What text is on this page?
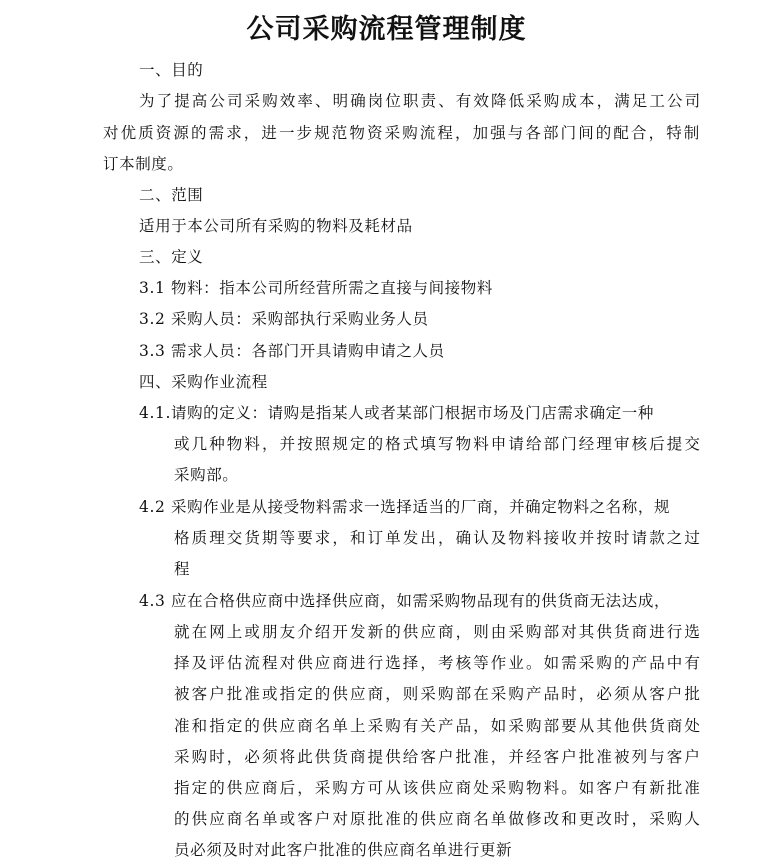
公司采购流程管理制度
一、目的
为了提高公司采购效率、明确岗位职责、有效降低采购成本，满足工公司
对优质资源的需求，进一步规范物资采购流程，加强与各部门间的配合，特制
订本制度。
二、范围
适用于本公司所有采购的物料及耗材品
三、定义
3.1 物料：指本公司所经营所需之直接与间接物料
3.2 采购人员：采购部执行采购业务人员
3.3 需求人员：各部门开具请购申请之人员
四、采购作业流程
4.1.请购的定义：请购是指某人或者某部门根据市场及门店需求确定一种
或几种物料，并按照规定的格式填写物料申请给部门经理审核后提交
采购部。
4.2 采购作业是从接受物料需求一选择适当的厂商，并确定物料之名称，规
格质理交货期等要求，和订单发出，确认及物料接收并按时请款之过
程
4.3 应在合格供应商中选择供应商，如需采购物品现有的供货商无法达成，
就在网上或朋友介绍开发新的供应商，则由采购部对其供货商进行选
择及评估流程对供应商进行选择，考核等作业。如需采购的产品中有
被客户批准或指定的供应商，则采购部在采购产品时，必须从客户批
准和指定的供应商名单上采购有关产品，如采购部要从其他供货商处
采购时，必须将此供货商提供给客户批准，并经客户批准被列与客户
指定的供应商后，采购方可从该供应商处采购物料。如客户有新批准
的供应商名单或客户对原批准的供应商名单做修改和更改时，采购人
员必须及时对此客户批准的供应商名单进行更新
